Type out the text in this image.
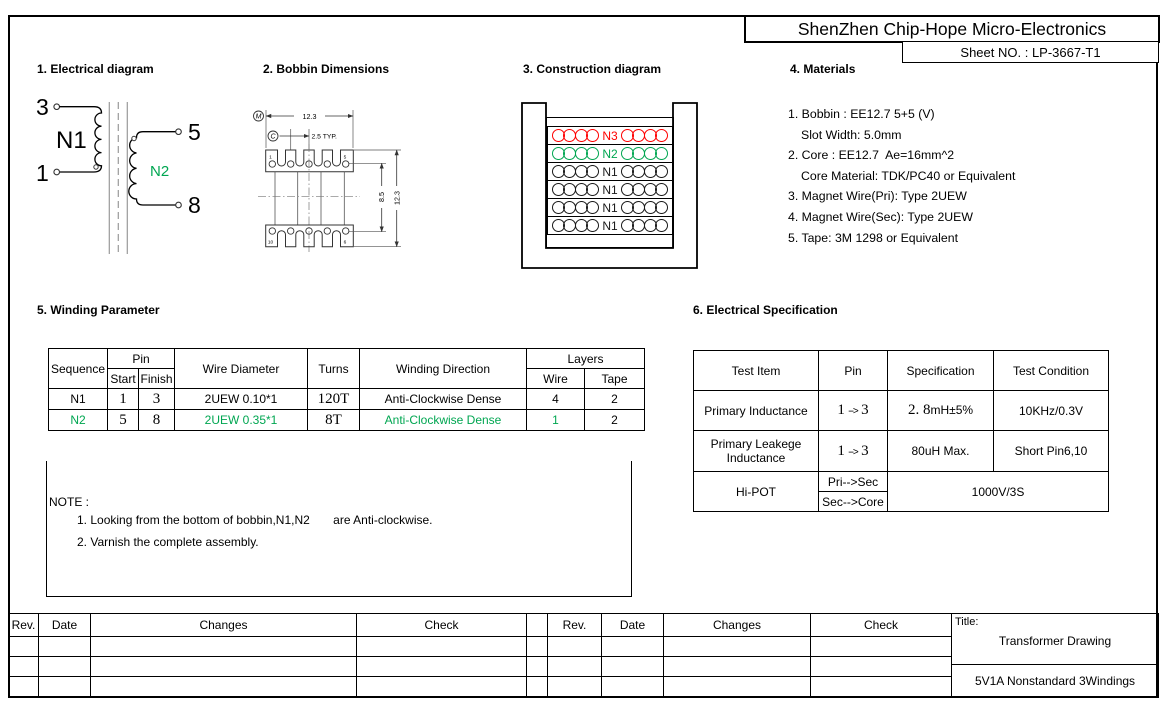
ShenZhen Chip-Hope Micro-Electronics
Sheet NO. : LP-3667-T1
1. Electrical diagram	2. Bobbin Dimensions	3. Construction diagram	4. Materials
5. Winding Parameter	6. Electrical Specification
3
1
N1	5
N2
8
M
C
12.3
2.5 TYP.
1	5
10	6
8.5 12.3
N3
N2
N1
N1
N1
N1
1. Bobbin : EE12.7 5+5 (V)
Slot Width: 5.0mm
2. Core : EE12.7  Ae=16mm^2
Core Material: TDK/PC40 or Equivalent
3. Magnet Wire(Pri): Type 2UEW
4. Magnet Wire(Sec): Type 2UEW
5. Tape: 3M 1298 or Equivalent
Sequence	Pin		Wire Diameter	Turns	Winding Direction	Layers	
	Start	Finish				Wire	Tape
N1	1	3	2UEW 0.10*1	120T	Anti-Clockwise Dense	4	2
N2	5	8	2UEW 0.35*1	8T	Anti-Clockwise Dense	1	2
NOTE :
1. Looking from the bottom of bobbin,N1,N2       are Anti-clockwise.
2. Varnish the complete assembly.
Test Item	Pin	Specification	Test Condition
Primary Inductance	1 --> 3	2. 8mH±5%	10KHz/0.3V
Primary Leakege Inductance	1 --> 3	80uH Max.	Short Pin6,10
Hi-POT	Pri-->Sec	1000V/3S	
	Sec-->Core		
Rev.	Date	Changes	Check		Rev.	Date	Changes	Check	Title:
Transformer Drawing
5V1A Nonstandard 3Windings
